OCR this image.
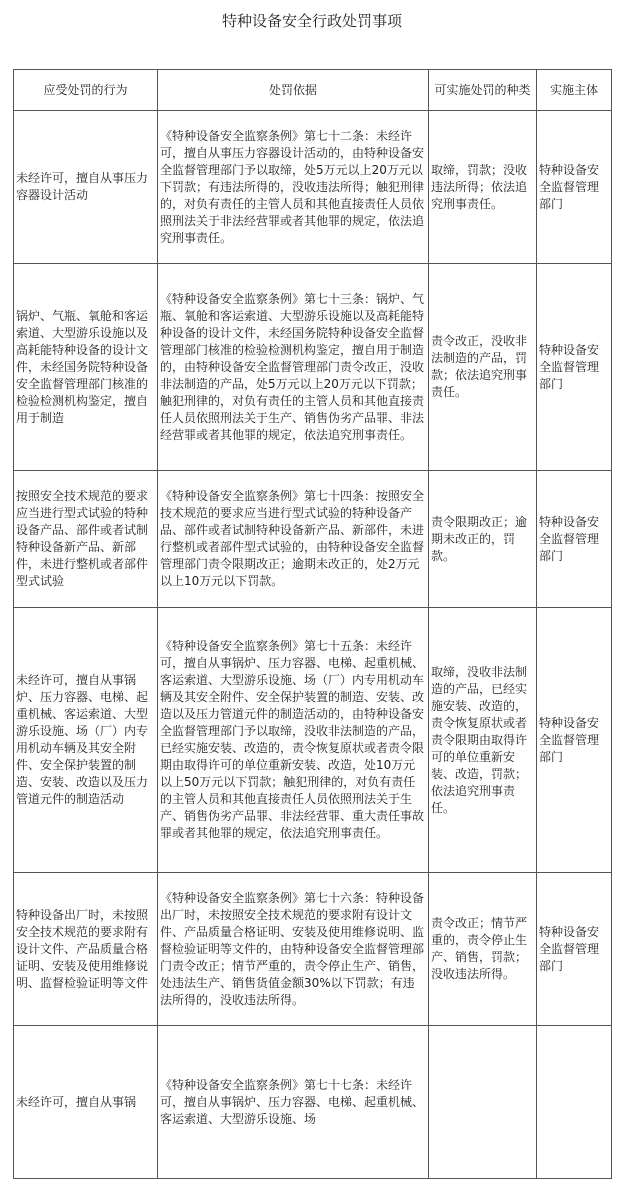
特种设备安全行政处罚事项
应受处罚的行为	处罚依据	可实施处罚的种类	实施主体
未经许可，擅自从事压力容器设计活动	《特种设备安全监察条例》第七十二条：未经许可，擅自从事压力容器设计活动的，由特种设备安全监督管理部门予以取缔，处5万元以上20万元以下罚款；有违法所得的，没收违法所得；触犯刑律的，对负有责任的主管人员和其他直接责任人员依照刑法关于非法经营罪或者其他罪的规定，依法追究刑事责任。	取缔，罚款；没收违法所得；依法追究刑事责任。	特种设备安全监督管理部门
锅炉、气瓶、氧舱和客运索道、大型游乐设施以及高耗能特种设备的设计文件，未经国务院特种设备安全监督管理部门核准的检验检测机构鉴定，擅自用于制造	《特种设备安全监察条例》第七十三条：锅炉、气瓶、氧舱和客运索道、大型游乐设施以及高耗能特种设备的设计文件，未经国务院特种设备安全监督管理部门核准的检验检测机构鉴定，擅自用于制造的，由特种设备安全监督管理部门责令改正，没收非法制造的产品，处5万元以上20万元以下罚款；触犯刑律的，对负有责任的主管人员和其他直接责任人员依照刑法关于生产、销售伪劣产品罪、非法经营罪或者其他罪的规定，依法追究刑事责任。	责令改正，没收非法制造的产品，罚款；依法追究刑事责任。	特种设备安全监督管理部门
按照安全技术规范的要求应当进行型式试验的特种设备产品、部件或者试制特种设备新产品、新部件，未进行整机或者部件型式试验	《特种设备安全监察条例》第七十四条：按照安全技术规范的要求应当进行型式试验的特种设备产品、部件或者试制特种设备新产品、新部件，未进行整机或者部件型式试验的，由特种设备安全监督管理部门责令限期改正；逾期未改正的，处2万元以上10万元以下罚款。	责令限期改正；逾期未改正的，罚款。	特种设备安全监督管理部门
未经许可，擅自从事锅炉、压力容器、电梯、起重机械、客运索道、大型游乐设施、场（厂）内专用机动车辆及其安全附件、安全保护装置的制造、安装、改造以及压力管道元件的制造活动	《特种设备安全监察条例》第七十五条：未经许可，擅自从事锅炉、压力容器、电梯、起重机械、客运索道、大型游乐设施、场（厂）内专用机动车辆及其安全附件、安全保护装置的制造、安装、改造以及压力管道元件的制造活动的，由特种设备安全监督管理部门予以取缔，没收非法制造的产品，已经实施安装、改造的，责令恢复原状或者责令限期由取得许可的单位重新安装、改造，处10万元以上50万元以下罚款；触犯刑律的，对负有责任的主管人员和其他直接责任人员依照刑法关于生产、销售伪劣产品罪、非法经营罪、重大责任事故罪或者其他罪的规定，依法追究刑事责任。	取缔，没收非法制造的产品，已经实施安装、改造的，责令恢复原状或者责令限期由取得许可的单位重新安装、改造，罚款；依法追究刑事责任。	特种设备安全监督管理部门
特种设备出厂时，未按照安全技术规范的要求附有设计文件、产品质量合格证明、安装及使用维修说明、监督检验证明等文件	《特种设备安全监察条例》第七十六条：特种设备出厂时，未按照安全技术规范的要求附有设计文件、产品质量合格证明、安装及使用维修说明、监督检验证明等文件的，由特种设备安全监督管理部门责令改正；情节严重的，责令停止生产、销售，处违法生产、销售货值金额30%以下罚款；有违法所得的，没收违法所得。	责令改正；情节严重的，责令停止生产、销售，罚款；没收违法所得。	特种设备安全监督管理部门
未经许可，擅自从事锅	《特种设备安全监察条例》第七十七条：未经许可，擅自从事锅炉、压力容器、电梯、起重机械、客运索道、大型游乐设施、场		
